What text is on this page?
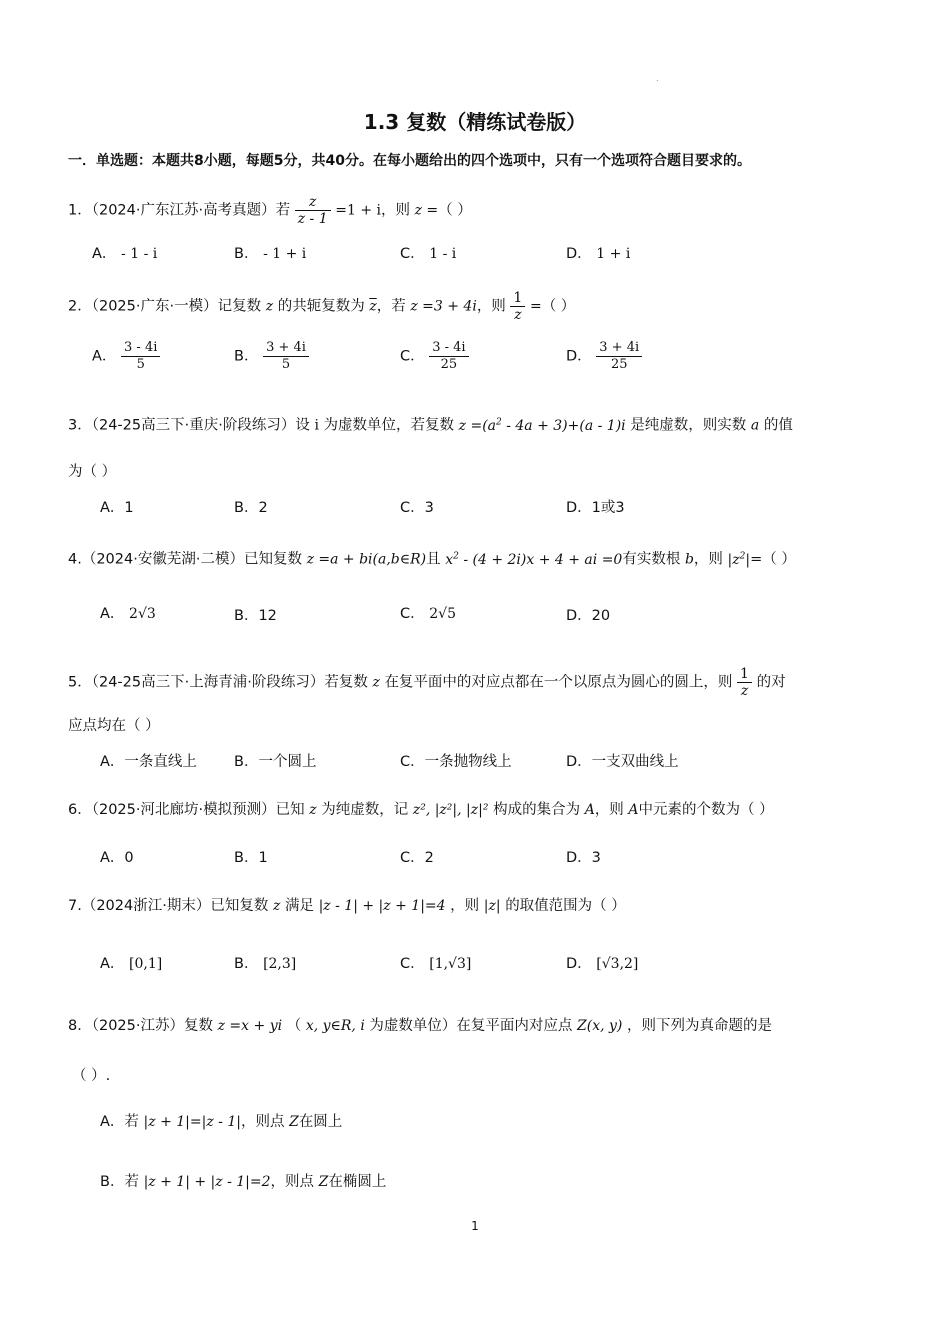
.
1.3 复数（精练试卷版）
一．单选题：本题共8小题，每题5分，共40分。在每小题给出的四个选项中，只有一个选项符合题目要求的。
1．（2024·广东江苏·高考真题）若 $\frac{z}{z - 1} =1 + i$，则 z =（ ）
A． - 1 - i	B． - 1 + i	C． 1 - i	D． 1 + i
2．（2025·广东·一模）记复数 z 的共轭复数为 $\overline{z}$，若 z =3 + 4i，则 $\frac{1}{z}$ =（ ）
A． $\frac{3 - 4i}{5}$	B． $\frac{3 + 4i}{5}$	C． $\frac{3 - 4i}{25}$	D． $\frac{3 + 4i}{25}$
3．（24-25高三下·重庆·阶段练习）设 i 为虚数单位，若复数 $z =(a^2 - 4a + 3)+(a - 1)i$ 是纯虚数，则实数 a 的值
为（ ）
A．1	B．2	C．3	D．1或3
4.（2024·安徽芜湖·二模）已知复数 z =a + bi(a,b∈R)且 $x^2 - (4 + 2i)x + 4$ + ai =0有实数根 b，则 $|z^2|=$（ ）
A． 2√3	B．12	C． 2√5	D．20
5．（24-25高三下·上海青浦·阶段练习）若复数 z 在复平面中的对应点都在一个以原点为圆心的圆上，则 $\frac{1}{z}$ 的对
应点均在（ ）
A．一条直线上	B．一个圆上	C．一条抛物线上	D．一支双曲线上
6．（2025·河北廊坊·模拟预测）已知 z 为纯虚数，记 z², |z²|, |z|² 构成的集合为 A，则 A中元素的个数为（ ）
A．0	B．1	C．2	D．3
7.（2024浙江·期末）已知复数 z 满足 |z - 1| + |z + 1|=4 ，则 |z| 的取值范围为（ ）
A． [0,1]	B． [2,3]	C． [1,√3]	D． [√3,2]
8．（2025·江苏）复数 z =x + yi （ x, y∈R, i 为虚数单位）在复平面内对应点 Z(x, y) ，则下列为真命题的是
（ ）.
A．若 |z + 1|=|z - 1|，则点 Z在圆上
B．若 |z + 1| + |z - 1|=2，则点 Z在椭圆上
1
